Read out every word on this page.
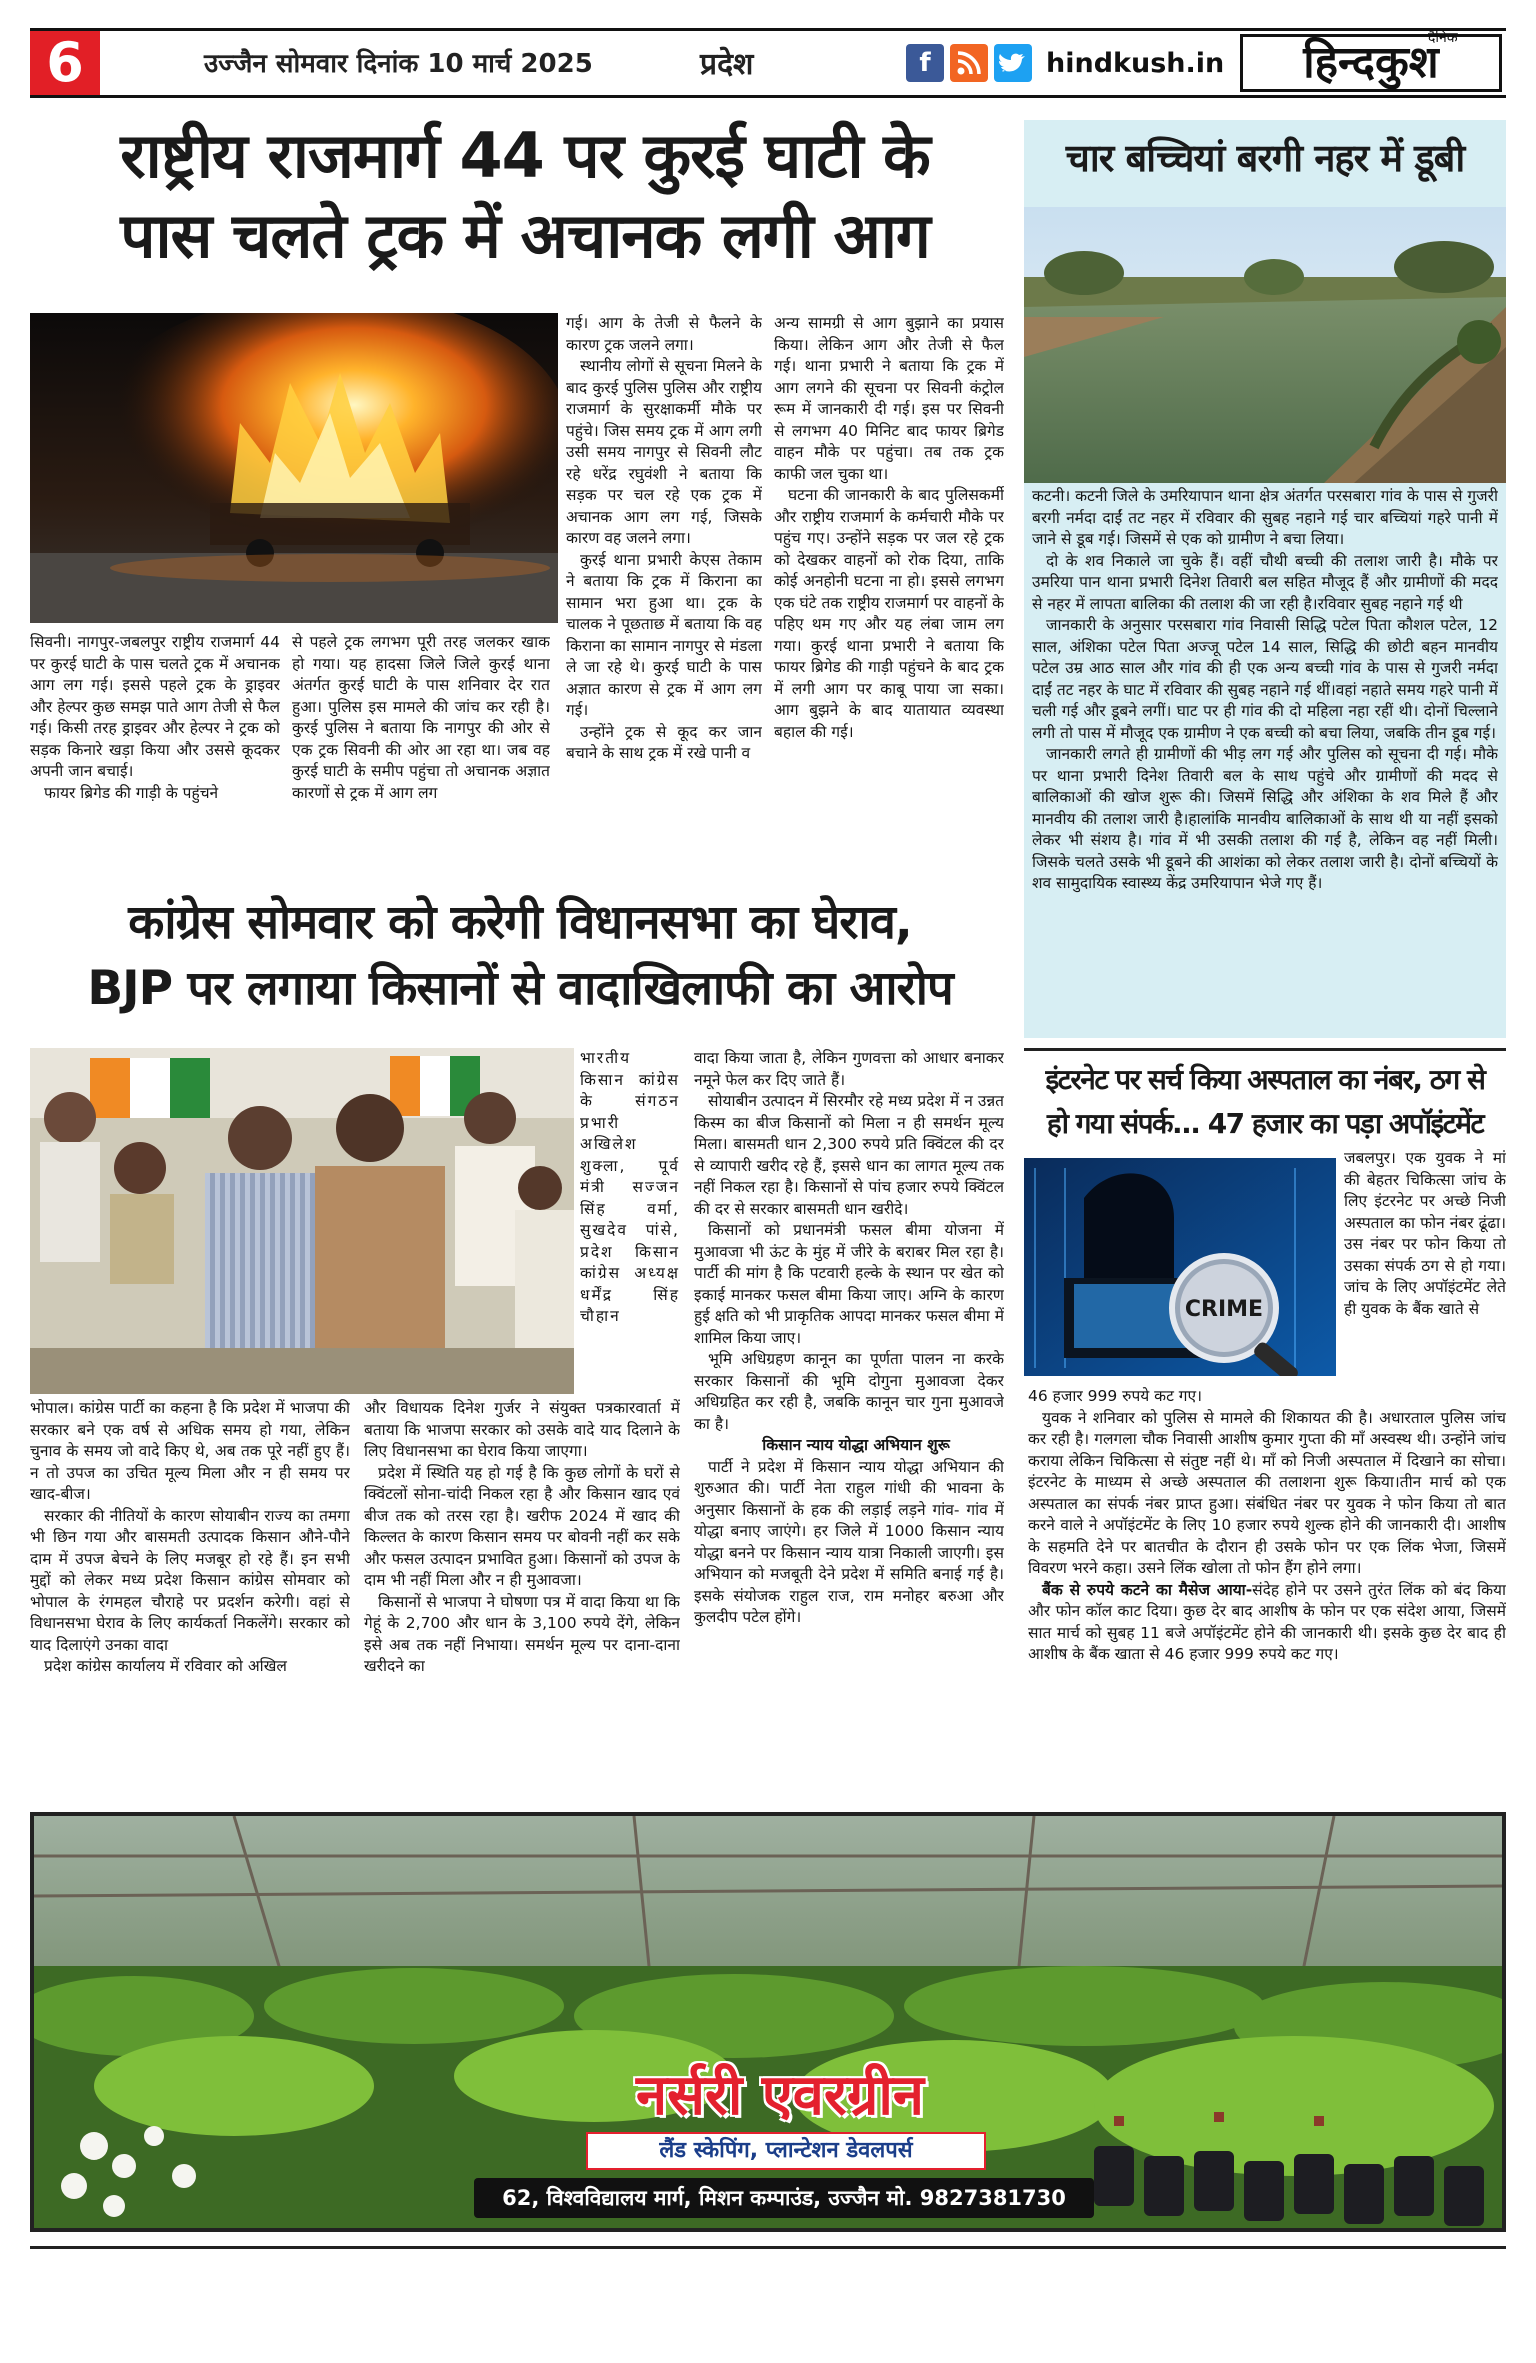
6	उज्जैन सोमवार दिनांक 10 मार्च 2025	प्रदेश	f	hindkush.in	हिन्दकुश
दैनिक
राष्ट्रीय राजमार्ग 44 पर कुरई घाटी के
पास चलते ट्रक में अचानक लगी आग

सिवनी। नागपुर-जबलपुर राष्ट्रीय राजमार्ग 44 पर कुरई घाटी के पास चलते ट्रक में अचानक आग लग गई। इससे पहले ट्रक के ड्राइवर और हेल्पर कुछ समझ पाते आग तेजी से फैल गई। किसी तरह ड्राइवर और हेल्पर ने ट्रक को सड़क किनारे खड़ा किया और उससे कूदकर अपनी जान बचाई।

फायर ब्रिगेड की गाड़ी के पहुंचने

से पहले ट्रक लगभग पूरी तरह जलकर खाक हो गया। यह हादसा जिले जिले कुरई थाना अंतर्गत कुरई घाटी के पास शनिवार देर रात हुआ। पुलिस इस मामले की जांच कर रही है।कुरई पुलिस ने बताया कि नागपुर की ओर से एक ट्रक सिवनी की ओर आ रहा था। जब वह कुरई घाटी के समीप पहुंचा तो अचानक अज्ञात कारणों से ट्रक में आग लग

गई। आग के तेजी से फैलने के कारण ट्रक जलने लगा।

स्थानीय लोगों से सूचना मिलने के बाद कुरई पुलिस पुलिस और राष्ट्रीय राजमार्ग के सुरक्षाकर्मी मौके पर पहुंचे। जिस समय ट्रक में आग लगी उसी समय नागपुर से सिवनी लौट रहे धरेंद्र रघुवंशी ने बताया कि सड़क पर चल रहे एक ट्रक में अचानक आग लग गई, जिसके कारण वह जलने लगा।

कुरई थाना प्रभारी केएस तेकाम ने बताया कि ट्रक में किराना का सामान भरा हुआ था। ट्रक के चालक ने पूछताछ में बताया कि वह किराना का सामान नागपुर से मंडला ले जा रहे थे। कुरई घाटी के पास अज्ञात कारण से ट्रक में आग लग गई।

उन्होंने ट्रक से कूद कर जान बचाने के साथ ट्रक में रखे पानी व

अन्य सामग्री से आग बुझाने का प्रयास किया। लेकिन आग और तेजी से फैल गई। थाना प्रभारी ने बताया कि ट्रक में आग लगने की सूचना पर सिवनी कंट्रोल रूम में जानकारी दी गई। इस पर सिवनी से लगभग 40 मिनिट बाद फायर ब्रिगेड वाहन मौके पर पहुंचा। तब तक ट्रक काफी जल चुका था।

घटना की जानकारी के बाद पुलिसकर्मी और राष्ट्रीय राजमार्ग के कर्मचारी मौके पर पहुंच गए। उन्होंने सड़क पर जल रहे ट्रक को देखकर वाहनों को रोक दिया, ताकि कोई अनहोनी घटना ना हो। इससे लगभग एक घंटे तक राष्ट्रीय राजमार्ग पर वाहनों के पहिए थम गए और यह लंबा जाम लग गया। कुरई थाना प्रभारी ने बताया कि फायर ब्रिगेड की गाड़ी पहुंचने के बाद ट्रक में लगी आग पर काबू पाया जा सका। आग बुझने के बाद यातायात व्यवस्था बहाल की गई।

चार बच्चियां बरगी नहर में डूबी

कटनी। कटनी जिले के उमरियापान थाना क्षेत्र अंतर्गत परसबारा गांव के पास से गुजरी बरगी नर्मदा दाईं तट नहर में रविवार की सुबह नहाने गई चार बच्चियां गहरे पानी में जाने से डूब गई। जिसमें से एक को ग्रामीण ने बचा लिया।

दो के शव निकाले जा चुके हैं। वहीं चौथी बच्ची की तलाश जारी है। मौके पर उमरिया पान थाना प्रभारी दिनेश तिवारी बल सहित मौजूद हैं और ग्रामीणों की मदद से नहर में लापता बालिका की तलाश की जा रही है।रविवार सुबह नहाने गई थी

जानकारी के अनुसार परसबारा गांव निवासी सिद्धि पटेल पिता कौशल पटेल, 12 साल, अंशिका पटेल पिता अज्जू पटेल 14 साल, सिद्धि की छोटी बहन मानवीय पटेल उम्र आठ साल और गांव की ही एक अन्य बच्ची गांव के पास से गुजरी नर्मदा दाईं तट नहर के घाट में रविवार की सुबह नहाने गई थीं।वहां नहाते समय गहरे पानी में चली गई और डूबने लगीं। घाट पर ही गांव की दो महिला नहा रहीं थी। दोनों चिल्लाने लगी तो पास में मौजूद एक ग्रामीण ने एक बच्ची को बचा लिया, जबकि तीन डूब गई।

जानकारी लगते ही ग्रामीणों की भीड़ लग गई और पुलिस को सूचना दी गई। मौके पर थाना प्रभारी दिनेश तिवारी बल के साथ पहुंचे और ग्रामीणों की मदद से बालिकाओं की खोज शुरू की। जिसमें सिद्धि और अंशिका के शव मिले हैं और मानवीय की तलाश जारी है।हालांकि मानवीय बालिकाओं के साथ थी या नहीं इसको लेकर भी संशय है। गांव में भी उसकी तलाश की गई है, लेकिन वह नहीं मिली। जिसके चलते उसके भी डूबने की आशंका को लेकर तलाश जारी है। दोनों बच्चियों के शव सामुदायिक स्वास्थ्य केंद्र उमरियापान भेजे गए हैं।

कांग्रेस सोमवार को करेगी विधानसभा का घेराव,
BJP पर लगाया किसानों से वादाखिलाफी का आरोप

भारतीय किसान कांग्रेस के संगठन प्रभारी अखिलेश शुक्ला, पूर्व मंत्री सज्जन सिंह वर्मा, सुखदेव पांसे, प्रदेश किसान कांग्रेस अध्यक्ष धर्मेंद्र सिंह चौहान

भोपाल। कांग्रेस पार्टी का कहना है कि प्रदेश में भाजपा की सरकार बने एक वर्ष से अधिक समय हो गया, लेकिन चुनाव के समय जो वादे किए थे, अब तक पूरे नहीं हुए हैं। न तो उपज का उचित मूल्य मिला और न ही समय पर खाद-बीज।

सरकार की नीतियों के कारण सोयाबीन राज्य का तमगा भी छिन गया और बासमती उत्पादक किसान औने-पौने दाम में उपज बेचने के लिए मजबूर हो रहे हैं। इन सभी मुद्दों को लेकर मध्य प्रदेश किसान कांग्रेस सोमवार को भोपाल के रंगमहल चौराहे पर प्रदर्शन करेगी। वहां से विधानसभा घेराव के लिए कार्यकर्ता निकलेंगे। सरकार को याद दिलाएंगे उनका वादा

प्रदेश कांग्रेस कार्यालय में रविवार को अखिल

और विधायक दिनेश गुर्जर ने संयुक्त पत्रकारवार्ता में बताया कि भाजपा सरकार को उसके वादे याद दिलाने के लिए विधानसभा का घेराव किया जाएगा।

प्रदेश में स्थिति यह हो गई है कि कुछ लोगों के घरों से क्विंटलों सोना-चांदी निकल रहा है और किसान खाद एवं बीज तक को तरस रहा है। खरीफ 2024 में खाद की किल्लत के कारण किसान समय पर बोवनी नहीं कर सके और फसल उत्पादन प्रभावित हुआ। किसानों को उपज के दाम भी नहीं मिला और न ही मुआवजा।

किसानों से भाजपा ने घोषणा पत्र में वादा किया था कि गेहूं के 2,700 और धान के 3,100 रुपये देंगे, लेकिन इसे अब तक नहीं निभाया। समर्थन मूल्य पर दाना-दाना खरीदने का

वादा किया जाता है, लेकिन गुणवत्ता को आधार बनाकर नमूने फेल कर दिए जाते हैं।

सोयाबीन उत्पादन में सिरमौर रहे मध्य प्रदेश में न उन्नत किस्म का बीज किसानों को मिला न ही समर्थन मूल्य मिला। बासमती धान 2,300 रुपये प्रति क्विंटल की दर से व्यापारी खरीद रहे हैं, इससे धान का लागत मूल्य तक नहीं निकल रहा है। किसानों से पांच हजार रुपये क्विंटल की दर से सरकार बासमती धान खरीदे।

किसानों को प्रधानमंत्री फसल बीमा योजना में मुआवजा भी ऊंट के मुंह में जीरे के बराबर मिल रहा है। पार्टी की मांग है कि पटवारी हल्के के स्थान पर खेत को इकाई मानकर फसल बीमा किया जाए। अग्नि के कारण हुई क्षति को भी प्राकृतिक आपदा मानकर फसल बीमा में शामिल किया जाए।

भूमि अधिग्रहण कानून का पूर्णता पालन ना करके सरकार किसानों की भूमि दोगुना मुआवजा देकर अधिग्रहित कर रही है, जबकि कानून चार गुना मुआवजे का है।

किसान न्याय योद्धा अभियान शुरू

पार्टी ने प्रदेश में किसान न्याय योद्धा अभियान की शुरुआत की। पार्टी नेता राहुल गांधी की भावना के अनुसार किसानों के हक की लड़ाई लड़ने गांव- गांव में योद्धा बनाए जाएंगे। हर जिले में 1000 किसान न्याय योद्धा बनने पर किसान न्याय यात्रा निकाली जाएगी। इस अभियान को मजबूती देने प्रदेश में समिति बनाई गई है। इसके संयोजक राहुल राज, राम मनोहर बरुआ और कुलदीप पटेल होंगे।

इंटरनेट पर सर्च किया अस्पताल का नंबर, ठग से
हो गया संपर्क... 47 हजार का पड़ा अपॉइंटमेंट
CRIME

जबलपुर। एक युवक ने मां की बेहतर चिकित्सा जांच के लिए इंटरनेट पर अच्छे निजी अस्पताल का फोन नंबर ढूंढा। उस नंबर पर फोन किया तो उसका संपर्क ठग से हो गया। जांच के लिए अपॉइंटमेंट लेते ही युवक के बैंक खाते से

46 हजार 999 रुपये कट गए।

युवक ने शनिवार को पुलिस से मामले की शिकायत की है। अधारताल पुलिस जांच कर रही है। गलगला चौक निवासी आशीष कुमार गुप्ता की माँ अस्वस्थ थी। उन्होंने जांच कराया लेकिन चिकित्सा से संतुष्ट नहीं थे। माँ को निजी अस्पताल में दिखाने का सोचा। इंटरनेट के माध्यम से अच्छे अस्पताल की तलाशना शुरू किया।तीन मार्च को एक अस्पताल का संपर्क नंबर प्राप्त हुआ। संबंधित नंबर पर युवक ने फोन किया तो बात करने वाले ने अपॉइंटमेंट के लिए 10 हजार रुपये शुल्क होने की जानकारी दी। आशीष के सहमति देने पर बातचीत के दौरान ही उसके फोन पर एक लिंक भेजा, जिसमें विवरण भरने कहा। उसने लिंक खोला तो फोन हैंग होने लगा।

बैंक से रुपये कटने का मैसेज आया-संदेह होने पर उसने तुरंत लिंक को बंद किया और फोन कॉल काट दिया। कुछ देर बाद आशीष के फोन पर एक संदेश आया, जिसमें सात मार्च को सुबह 11 बजे अपॉइंटमेंट होने की जानकारी थी। इसके कुछ देर बाद ही आशीष के बैंक खाता से 46 हजार 999 रुपये कट गए।

नर्सरी एवरग्रीन
लैंड स्केपिंग, प्लान्टेशन डेवलपर्स
62, विश्वविद्यालय मार्ग, मिशन कम्पाउंड, उज्जैन मो. 9827381730
